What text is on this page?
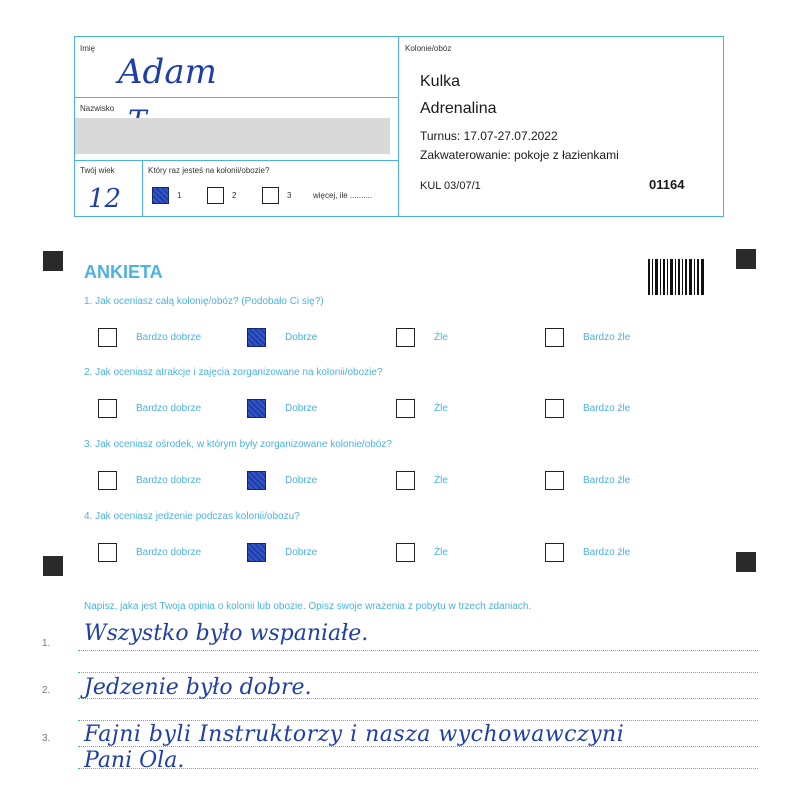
Imię
Adam
Nazwisko
Twój wiek
12
Który raz jesteś na kolonii/obozie?
1	2	3	więcej, ile ..........
Kolonie/obóz
Kulka
Adrenalina
Turnus: 17.07-27.07.2022
Zakwaterowanie: pokoje z łazienkami
KUL 03/07/1	01164
ANKIETA
1. Jak oceniasz całą kolonię/obóz? (Podobało Ci się?)
Bardzo dobrze	Dobrze	Źle	Bardzo źle
2. Jak oceniasz atrakcje i zajęcia zorganizowane na kolonii/obozie?
Bardzo dobrze	Dobrze	Źle	Bardzo źle
3. Jak oceniasz ośrodek, w którym były zorganizowane kolonie/obóz?
Bardzo dobrze	Dobrze	Źle	Bardzo źle
4. Jak oceniasz jedzenie podczas kolonii/obozu?
Bardzo dobrze	Dobrze	Źle	Bardzo źle
Napisz, jaka jest Twoja opinia o kolonii lub obozie. Opisz swoje wrażenia z pobytu w trzech zdaniach.
1.
2.
3.
Wszystko było wspaniałe.
Jedzenie było dobre.
Fajni byli Instruktorzy i nasza wychowawczyni
Pani Ola.
